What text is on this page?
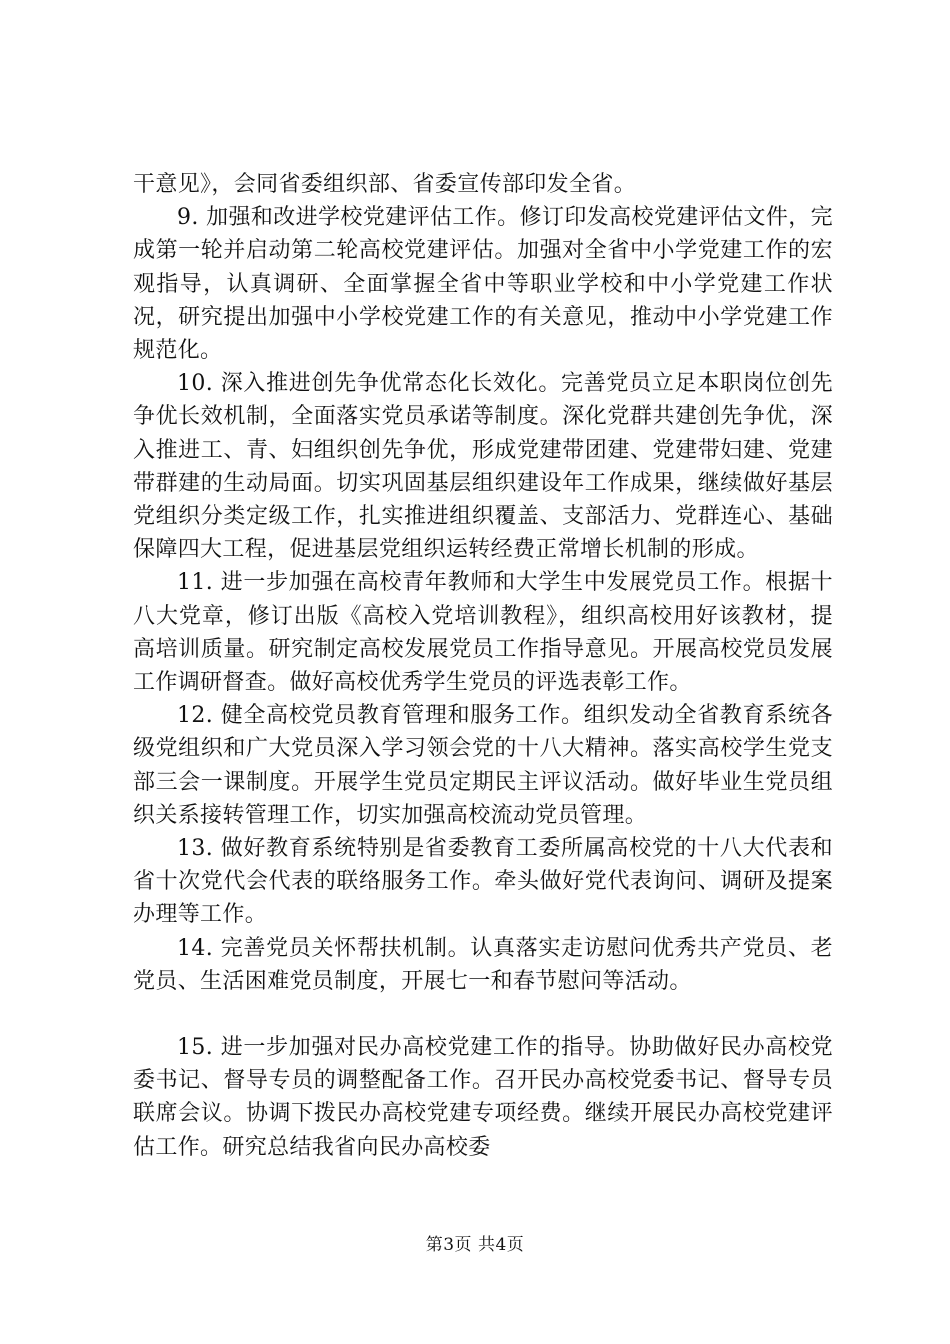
干意见》，会同省委组织部、省委宣传部印发全省。

9. 加强和改进学校党建评估工作。修订印发高校党建评估文件，完成第一轮并启动第二轮高校党建评估。加强对全省中小学党建工作的宏观指导，认真调研、全面掌握全省中等职业学校和中小学党建工作状况，研究提出加强中小学校党建工作的有关意见，推动中小学党建工作规范化。

10. 深入推进创先争优常态化长效化。完善党员立足本职岗位创先争优长效机制，全面落实党员承诺等制度。深化党群共建创先争优，深入推进工、青、妇组织创先争优，形成党建带团建、党建带妇建、党建带群建的生动局面。切实巩固基层组织建设年工作成果，继续做好基层党组织分类定级工作，扎实推进组织覆盖、支部活力、党群连心、基础保障四大工程，促进基层党组织运转经费正常增长机制的形成。

11. 进一步加强在高校青年教师和大学生中发展党员工作。根据十八大党章，修订出版《高校入党培训教程》，组织高校用好该教材，提高培训质量。研究制定高校发展党员工作指导意见。开展高校党员发展工作调研督查。做好高校优秀学生党员的评选表彰工作。

12. 健全高校党员教育管理和服务工作。组织发动全省教育系统各级党组织和广大党员深入学习领会党的十八大精神。落实高校学生党支部三会一课制度。开展学生党员定期民主评议活动。做好毕业生党员组织关系接转管理工作，切实加强高校流动党员管理。

13. 做好教育系统特别是省委教育工委所属高校党的十八大代表和省十次党代会代表的联络服务工作。牵头做好党代表询问、调研及提案办理等工作。

14. 完善党员关怀帮扶机制。认真落实走访慰问优秀共产党员、老党员、生活困难党员制度，开展七一和春节慰问等活动。

15. 进一步加强对民办高校党建工作的指导。协助做好民办高校党委书记、督导专员的调整配备工作。召开民办高校党委书记、督导专员联席会议。协调下拨民办高校党建专项经费。继续开展民办高校党建评估工作。研究总结我省向民办高校委

第3页 共4页
